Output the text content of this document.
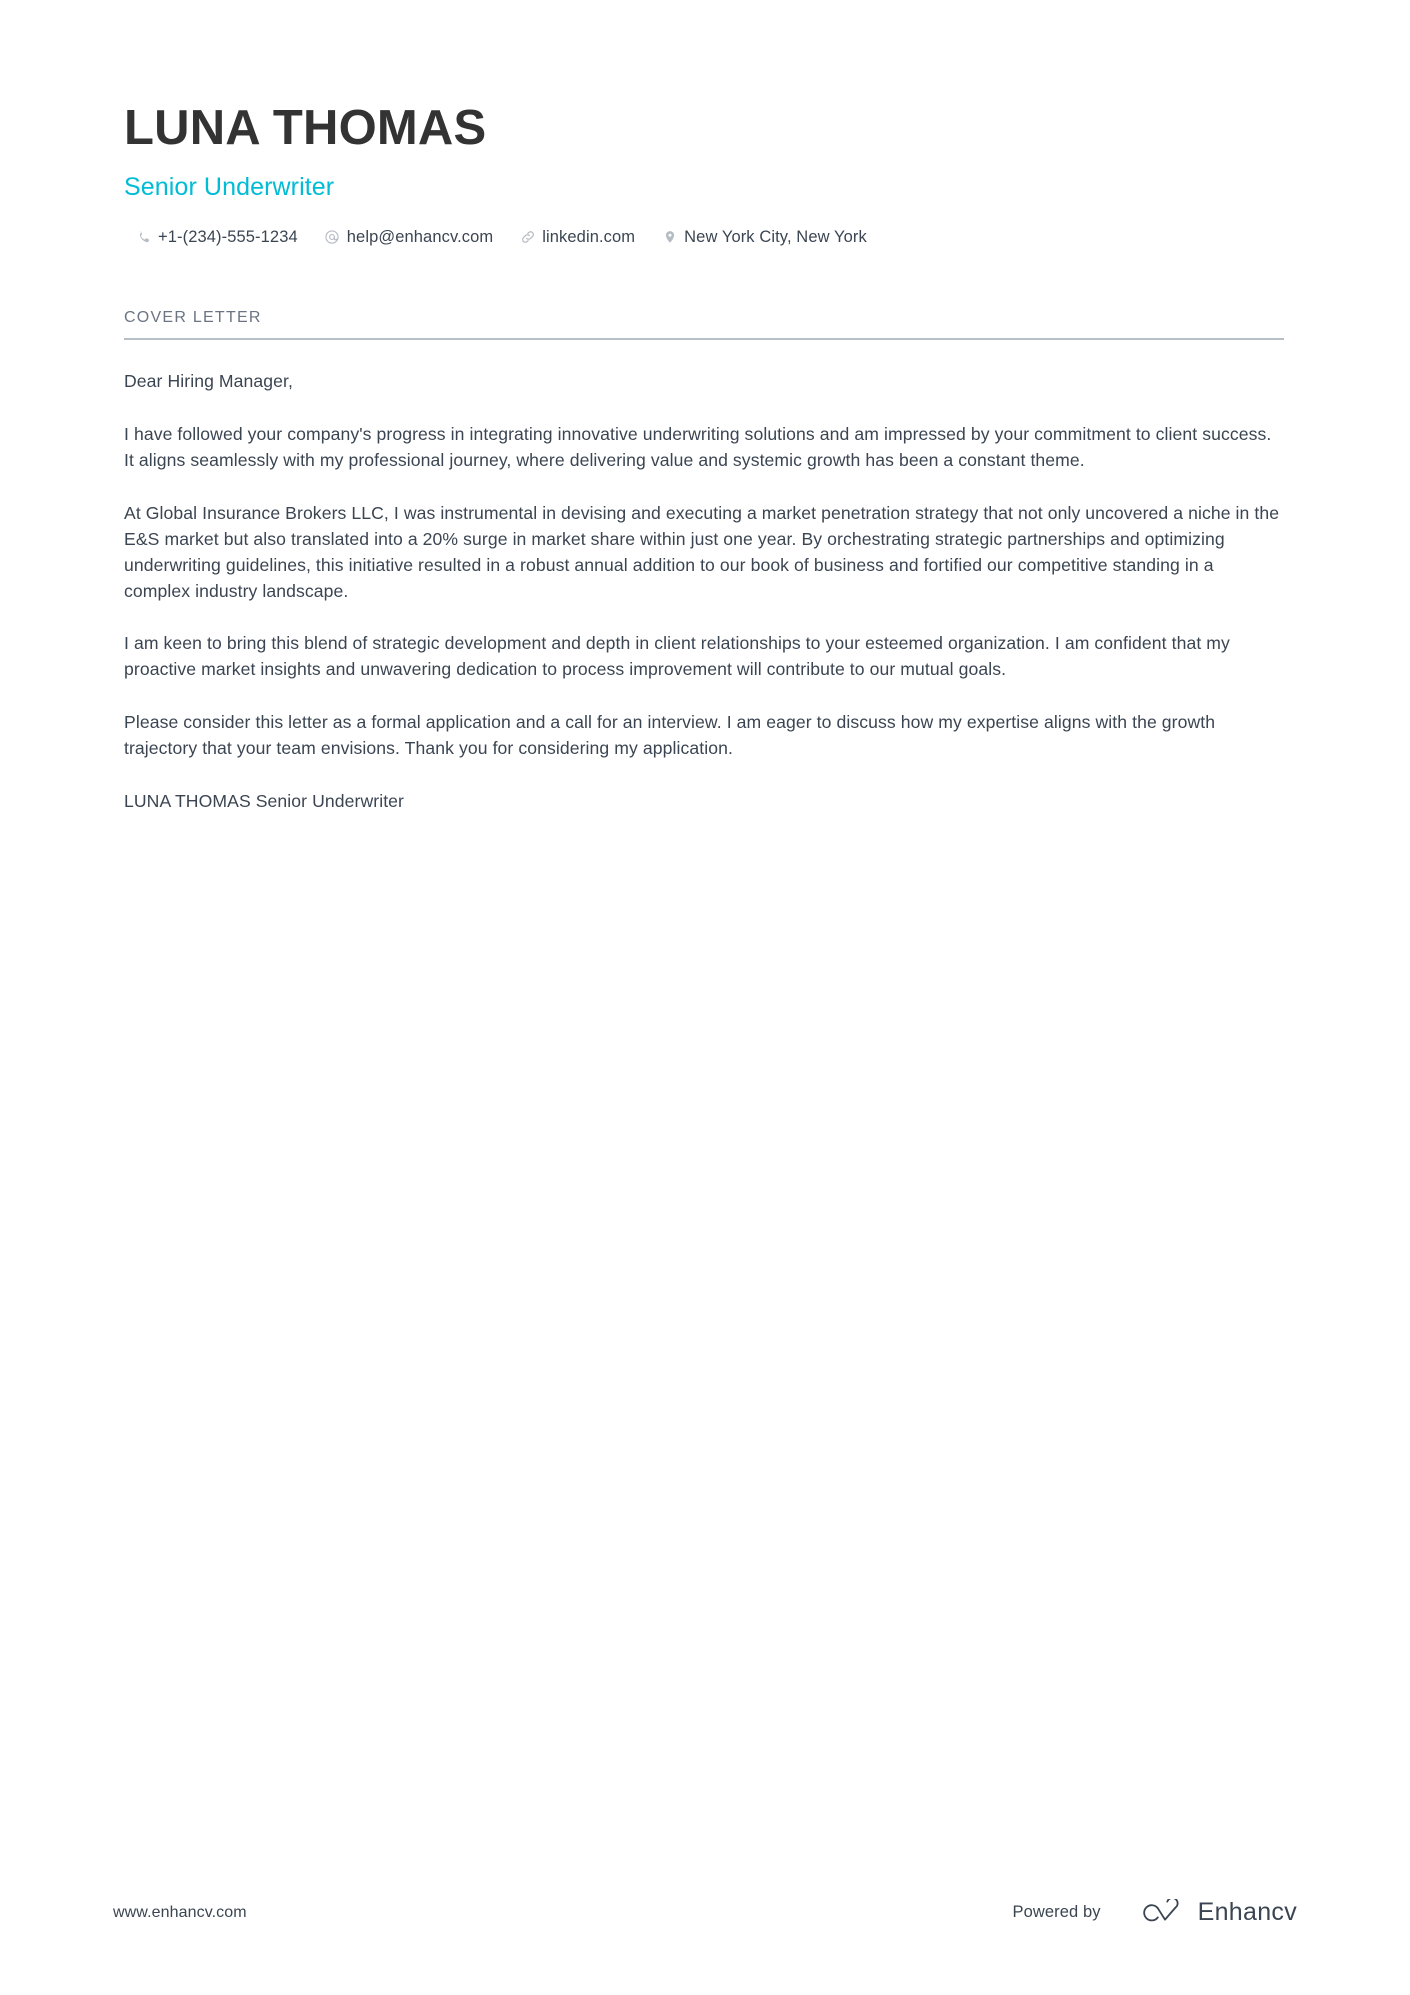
LUNA THOMAS
Senior Underwriter
+1-(234)-555-1234	help@enhancv.com	linkedin.com	New York City, New York
COVER LETTER

Dear Hiring Manager,

I have followed your company's progress in integrating innovative underwriting solutions and am impressed by your commitment to client success. It aligns seamlessly with my professional journey, where delivering value and systemic growth has been a constant theme.

At Global Insurance Brokers LLC, I was instrumental in devising and executing a market penetration strategy that not only uncovered a niche in the E&S market but also translated into a 20% surge in market share within just one year. By orchestrating strategic partnerships and optimizing underwriting guidelines, this initiative resulted in a robust annual addition to our book of business and fortified our competitive standing in a complex industry landscape.

I am keen to bring this blend of strategic development and depth in client relationships to your esteemed organization. I am confident that my proactive market insights and unwavering dedication to process improvement will contribute to our mutual goals.

Please consider this letter as a formal application and a call for an interview. I am eager to discuss how my expertise aligns with the growth trajectory that your team envisions. Thank you for considering my application.

LUNA THOMAS Senior Underwriter

www.enhancv.com	Powered by	Enhancv
